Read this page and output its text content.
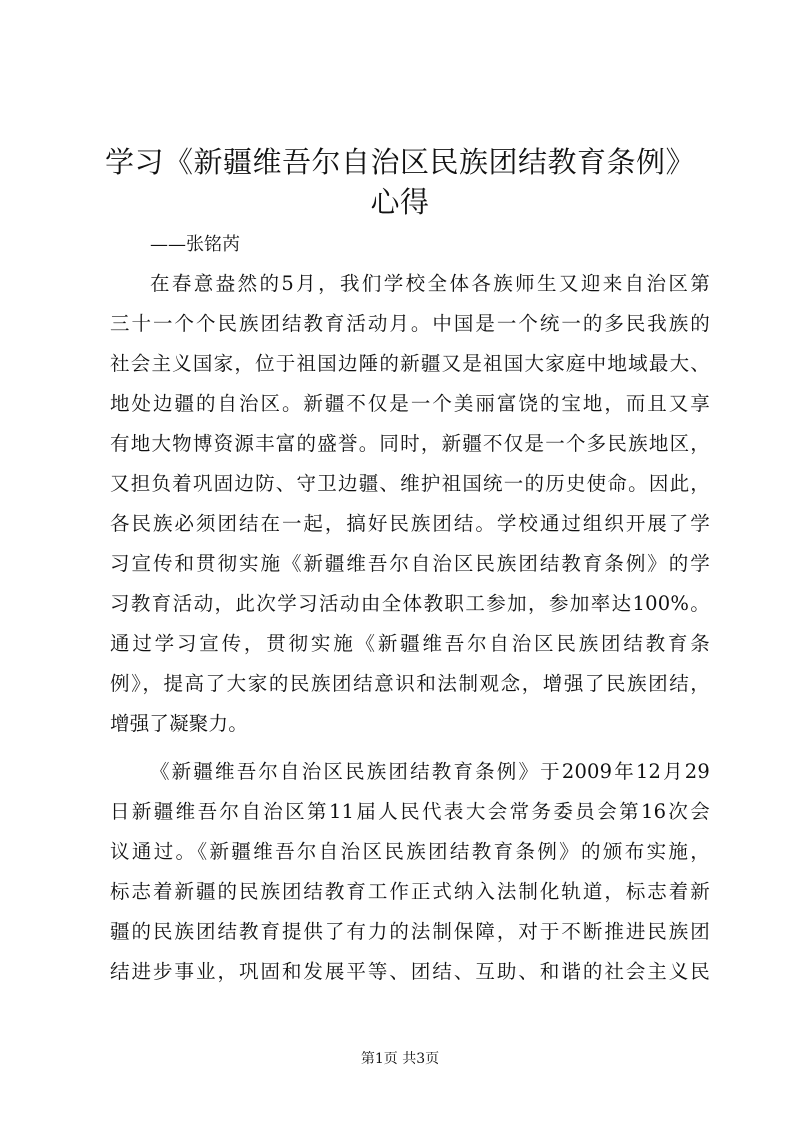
学习《新疆维吾尔自治区民族团结教育条例》
心得
——张铭芮
在春意盎然的5月，我们学校全体各族师生又迎来自治区第
三十一个个民族团结教育活动月。中国是一个统一的多民我族的
社会主义国家，位于祖国边陲的新疆又是祖国大家庭中地域最大、
地处边疆的自治区。新疆不仅是一个美丽富饶的宝地，而且又享
有地大物博资源丰富的盛誉。同时，新疆不仅是一个多民族地区，
又担负着巩固边防、守卫边疆、维护祖国统一的历史使命。因此，
各民族必须团结在一起，搞好民族团结。学校通过组织开展了学
习宣传和贯彻实施《新疆维吾尔自治区民族团结教育条例》的学
习教育活动，此次学习活动由全体教职工参加，参加率达100%。
通过学习宣传，贯彻实施《新疆维吾尔自治区民族团结教育条
例》，提高了大家的民族团结意识和法制观念，增强了民族团结，
增强了凝聚力。
《新疆维吾尔自治区民族团结教育条例》于2009年12月29
日新疆维吾尔自治区第11届人民代表大会常务委员会第16次会
议通过。《新疆维吾尔自治区民族团结教育条例》的颁布实施，
标志着新疆的民族团结教育工作正式纳入法制化轨道，标志着新
疆的民族团结教育提供了有力的法制保障，对于不断推进民族团
结进步事业，巩固和发展平等、团结、互助、和谐的社会主义民
第1页 共3页
